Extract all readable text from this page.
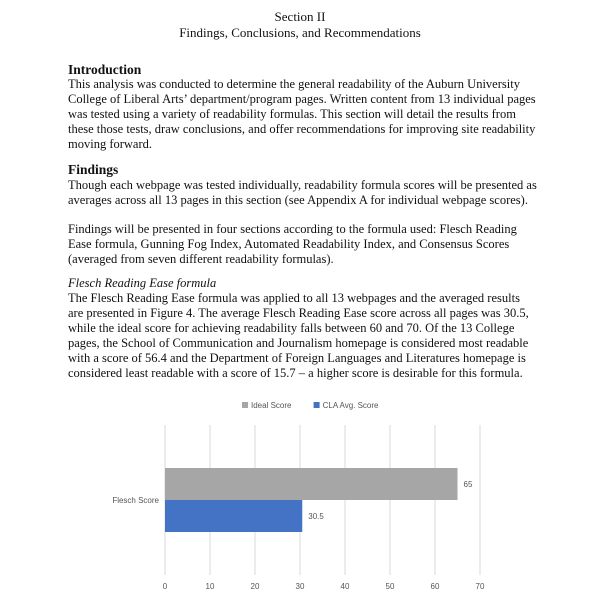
Section II
Findings, Conclusions, and Recommendations
Introduction

This analysis was conducted to determine the general readability of the Auburn University College of Liberal Arts’ department/program pages. Written content from 13 individual pages was tested using a variety of readability formulas. This section will detail the results from these those tests, draw conclusions, and offer recommendations for improving site readability moving forward.

Findings

Though each webpage was tested individually, readability formula scores will be presented as averages across all 13 pages in this section (see Appendix A for individual webpage scores).

Findings will be presented in four sections according to the formula used: Flesch Reading Ease formula, Gunning Fog Index, Automated Readability Index, and Consensus Scores (averaged from seven different readability formulas).

Flesch Reading Ease formula

The Flesch Reading Ease formula was applied to all 13 webpages and the averaged results are presented in Figure 4. The average Flesch Reading Ease score across all pages was 30.5, while the ideal score for achieving readability falls between 60 and 70. Of the 13 College pages, the School of Communication and Journalism homepage is considered most readable with a score of 56.4 and the Department of Foreign Languages and Literatures homepage is considered least readable with a score of 15.7 – a higher score is desirable for this formula.

0	10	20	30	40	50	60	70
Ideal Score	CLA Avg. Score
65
30.5
Flesch Score
